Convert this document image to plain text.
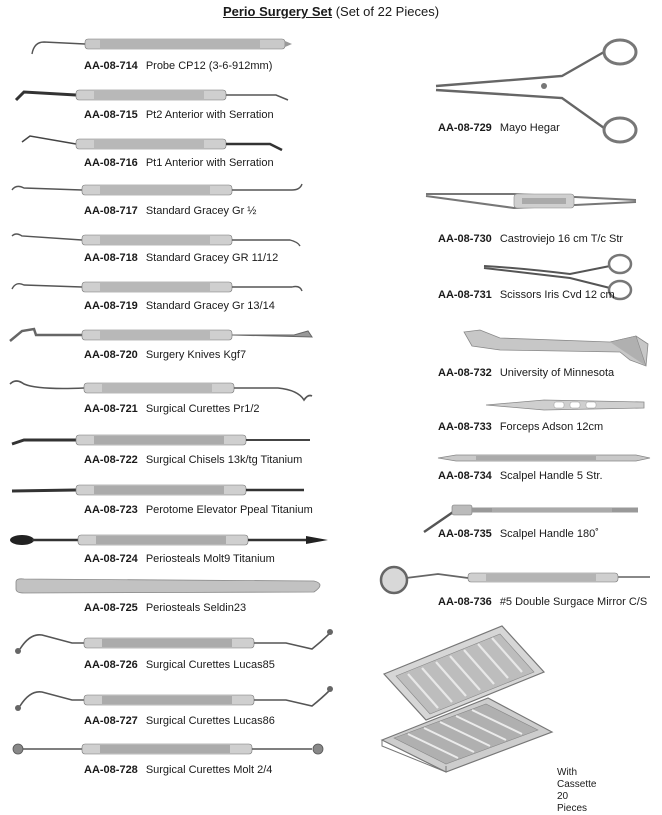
Perio Surgery Set (Set of 22 Pieces)
AA-08-714 Probe CP12 (3-6-912mm)
AA-08-715 Pt2 Anterior with Serration
AA-08-716 Pt1 Anterior with Serration
AA-08-717 Standard Gracey Gr ½
AA-08-718 Standard Gracey GR 11/12
AA-08-719 Standard Gracey Gr 13/14
AA-08-720 Surgery Knives Kgf7
AA-08-721 Surgical Curettes Pr1/2
AA-08-722 Surgical Chisels 13k/tg Titanium
AA-08-723 Perotome Elevator Ppeal Titanium
AA-08-724 Periosteals Molt9 Titanium
AA-08-725 Periosteals Seldin23
AA-08-726 Surgical Curettes Lucas85
AA-08-727 Surgical Curettes Lucas86
AA-08-728 Surgical Curettes Molt 2/4
AA-08-729 Mayo Hegar
AA-08-730 Castroviejo 16 cm T/c Str
AA-08-731 Scissors Iris Cvd 12 cm
AA-08-732 University of Minnesota
AA-08-733 Forceps Adson 12cm
AA-08-734 Scalpel Handle 5 Str.
AA-08-735 Scalpel Handle 180˚
AA-08-736 #5 Double Surgace Mirror C/S
With Cassette
20 Pieces
